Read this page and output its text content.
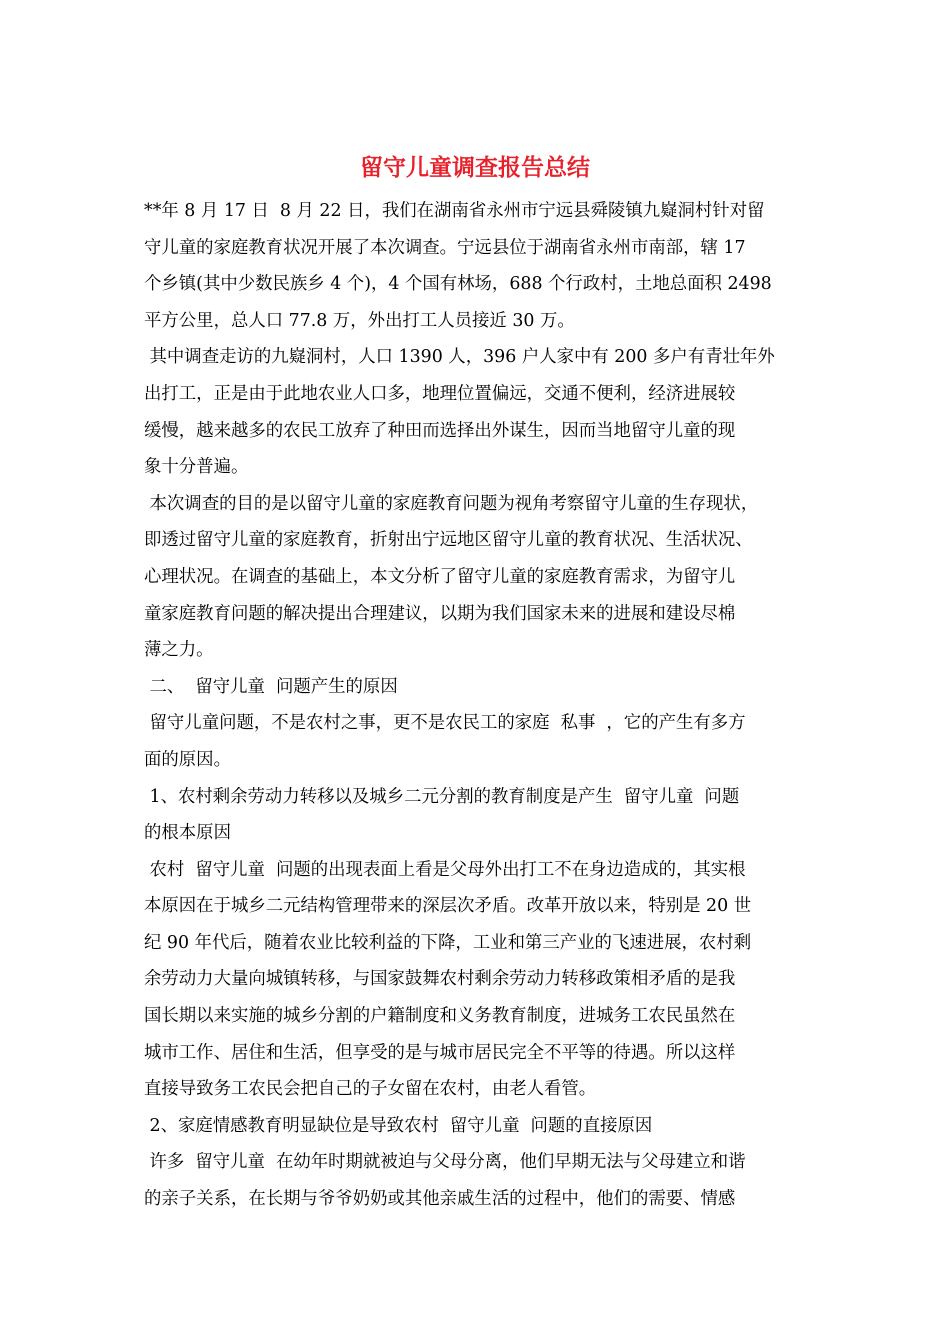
留守儿童调查报告总结
**年 8 月 17 日  8 月 22 日，我们在湖南省永州市宁远县舜陵镇九嶷洞村针对留
守儿童的家庭教育状况开展了本次调查。宁远县位于湖南省永州市南部，辖 17
个乡镇(其中少数民族乡 4 个)，4 个国有林场，688 个行政村，土地总面积 2498
平方公里，总人口 77.8 万，外出打工人员接近 30 万。
其中调查走访的九嶷洞村，人口 1390 人，396 户人家中有 200 多户有青壮年外
出打工，正是由于此地农业人口多，地理位置偏远，交通不便利，经济进展较
缓慢，越来越多的农民工放弃了种田而选择出外谋生，因而当地留守儿童的现
象十分普遍。
本次调查的目的是以留守儿童的家庭教育问题为视角考察留守儿童的生存现状，
即透过留守儿童的家庭教育，折射出宁远地区留守儿童的教育状况、生活状况、
心理状况。在调查的基础上，本文分析了留守儿童的家庭教育需求，为留守儿
童家庭教育问题的解决提出合理建议，以期为我们国家未来的进展和建设尽棉
薄之力。
二、  留守儿童  问题产生的原因
留守儿童问题，不是农村之事，更不是农民工的家庭  私事  ，它的产生有多方
面的原因。
1、农村剩余劳动力转移以及城乡二元分割的教育制度是产生  留守儿童  问题
的根本原因
农村  留守儿童  问题的出现表面上看是父母外出打工不在身边造成的，其实根
本原因在于城乡二元结构管理带来的深层次矛盾。改革开放以来，特别是 20 世
纪 90 年代后，随着农业比较利益的下降，工业和第三产业的飞速进展，农村剩
余劳动力大量向城镇转移，与国家鼓舞农村剩余劳动力转移政策相矛盾的是我
国长期以来实施的城乡分割的户籍制度和义务教育制度，进城务工农民虽然在
城市工作、居住和生活，但享受的是与城市居民完全不平等的待遇。所以这样
直接导致务工农民会把自己的子女留在农村，由老人看管。
2、家庭情感教育明显缺位是导致农村  留守儿童  问题的直接原因
许多  留守儿童  在幼年时期就被迫与父母分离，他们早期无法与父母建立和谐
的亲子关系，在长期与爷爷奶奶或其他亲戚生活的过程中，他们的需要、情感
